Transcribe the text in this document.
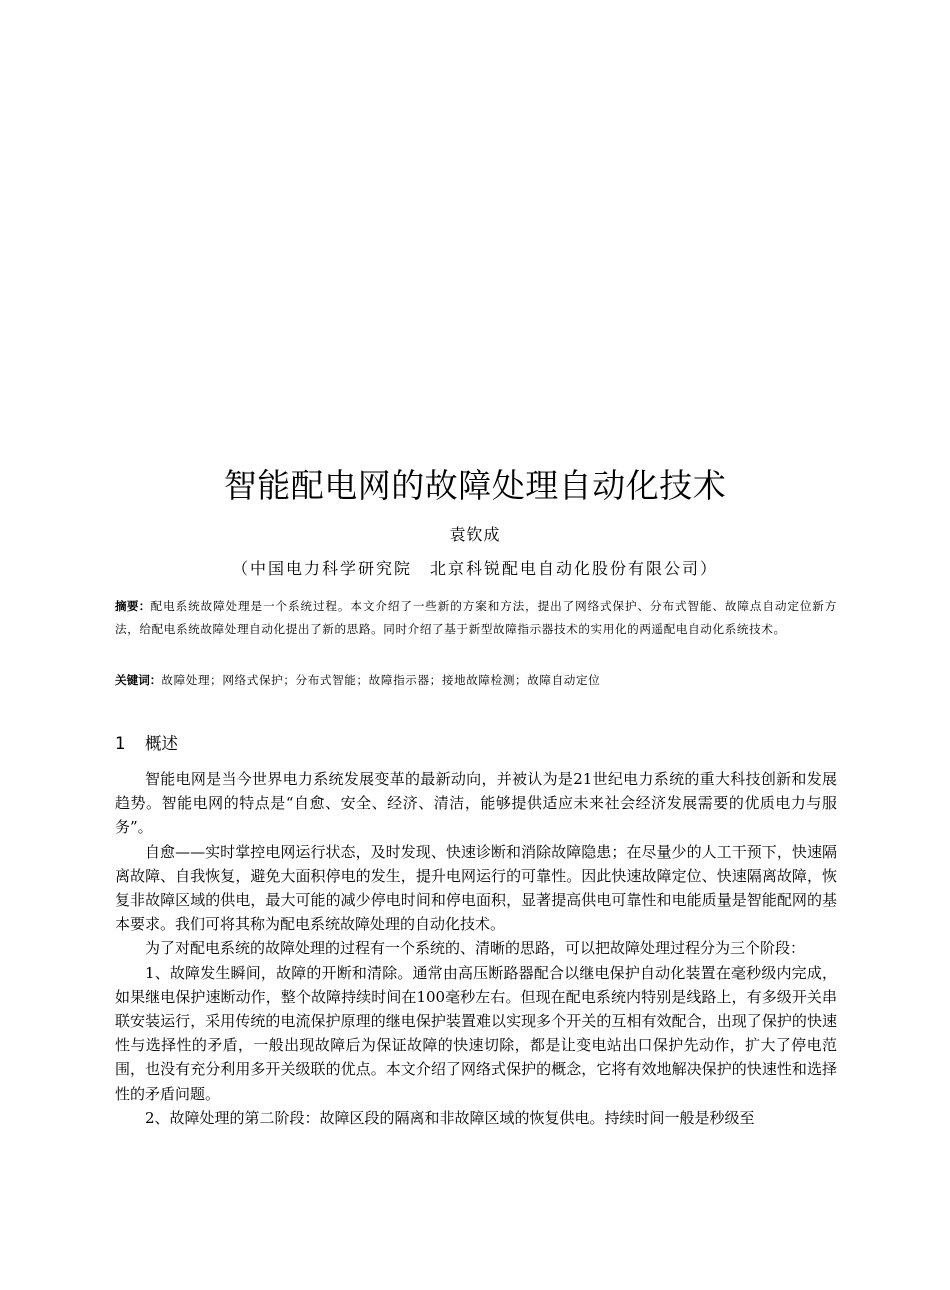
智能配电网的故障处理自动化技术
袁钦成
（中国电力科学研究院　北京科锐配电自动化股份有限公司）
摘要：配电系统故障处理是一个系统过程。本文介绍了一些新的方案和方法，提出了网络式保护、分布式智能、故障点自动定位新方法，给配电系统故障处理自动化提出了新的思路。同时介绍了基于新型故障指示器技术的实用化的两遥配电自动化系统技术。
关键词：故障处理；网络式保护；分布式智能；故障指示器；接地故障检测；故障自动定位
1 概述

智能电网是当今世界电力系统发展变革的最新动向，并被认为是21世纪电力系统的重大科技创新和发展趋势。智能电网的特点是“自愈、安全、经济、清洁，能够提供适应未来社会经济发展需要的优质电力与服务”。

自愈——实时掌控电网运行状态，及时发现、快速诊断和消除故障隐患；在尽量少的人工干预下，快速隔离故障、自我恢复，避免大面积停电的发生，提升电网运行的可靠性。因此快速故障定位、快速隔离故障，恢复非故障区域的供电，最大可能的减少停电时间和停电面积，显著提高供电可靠性和电能质量是智能配网的基本要求。我们可将其称为配电系统故障处理的自动化技术。

为了对配电系统的故障处理的过程有一个系统的、清晰的思路，可以把故障处理过程分为三个阶段：

1、故障发生瞬间，故障的开断和清除。通常由高压断路器配合以继电保护自动化装置在毫秒级内完成，如果继电保护速断动作，整个故障持续时间在100毫秒左右。但现在配电系统内特别是线路上，有多级开关串联安装运行，采用传统的电流保护原理的继电保护装置难以实现多个开关的互相有效配合，出现了保护的快速性与选择性的矛盾，一般出现故障后为保证故障的快速切除，都是让变电站出口保护先动作，扩大了停电范围，也没有充分利用多开关级联的优点。本文介绍了网络式保护的概念，它将有效地解决保护的快速性和选择性的矛盾问题。

2、故障处理的第二阶段：故障区段的隔离和非故障区域的恢复供电。持续时间一般是秒级至
